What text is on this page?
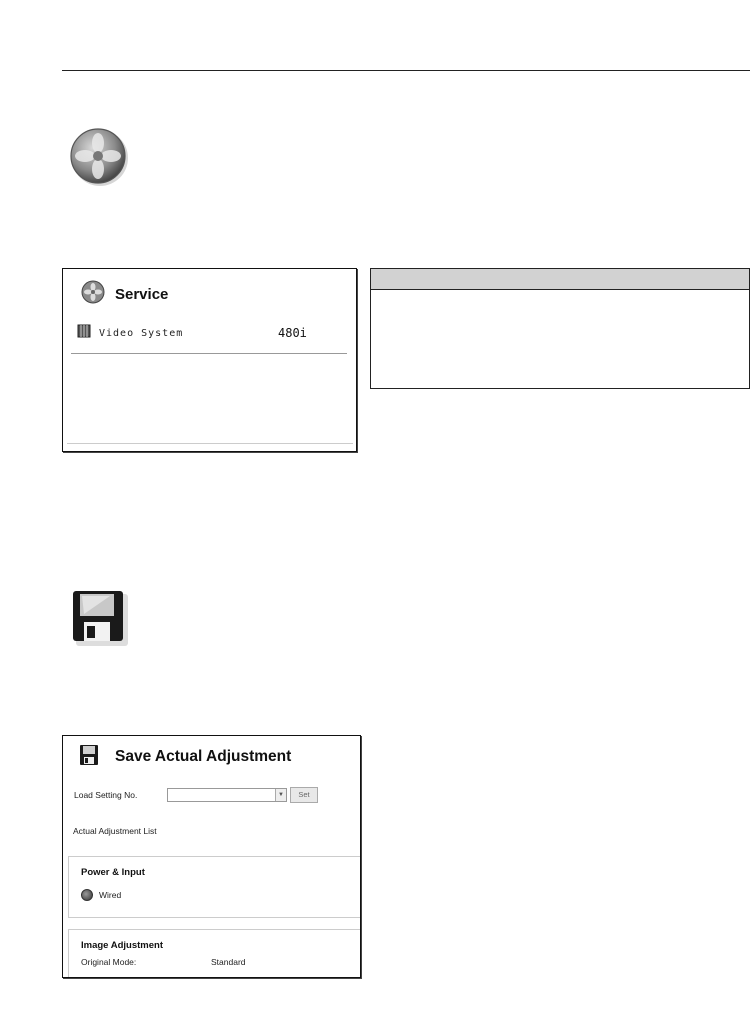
Service
Video System	480i
Save Actual Adjustment
Load Setting No.	▼	Set
Actual Adjustment List
Power & Input
Wired
Image Adjustment
Original Mode:	Standard
